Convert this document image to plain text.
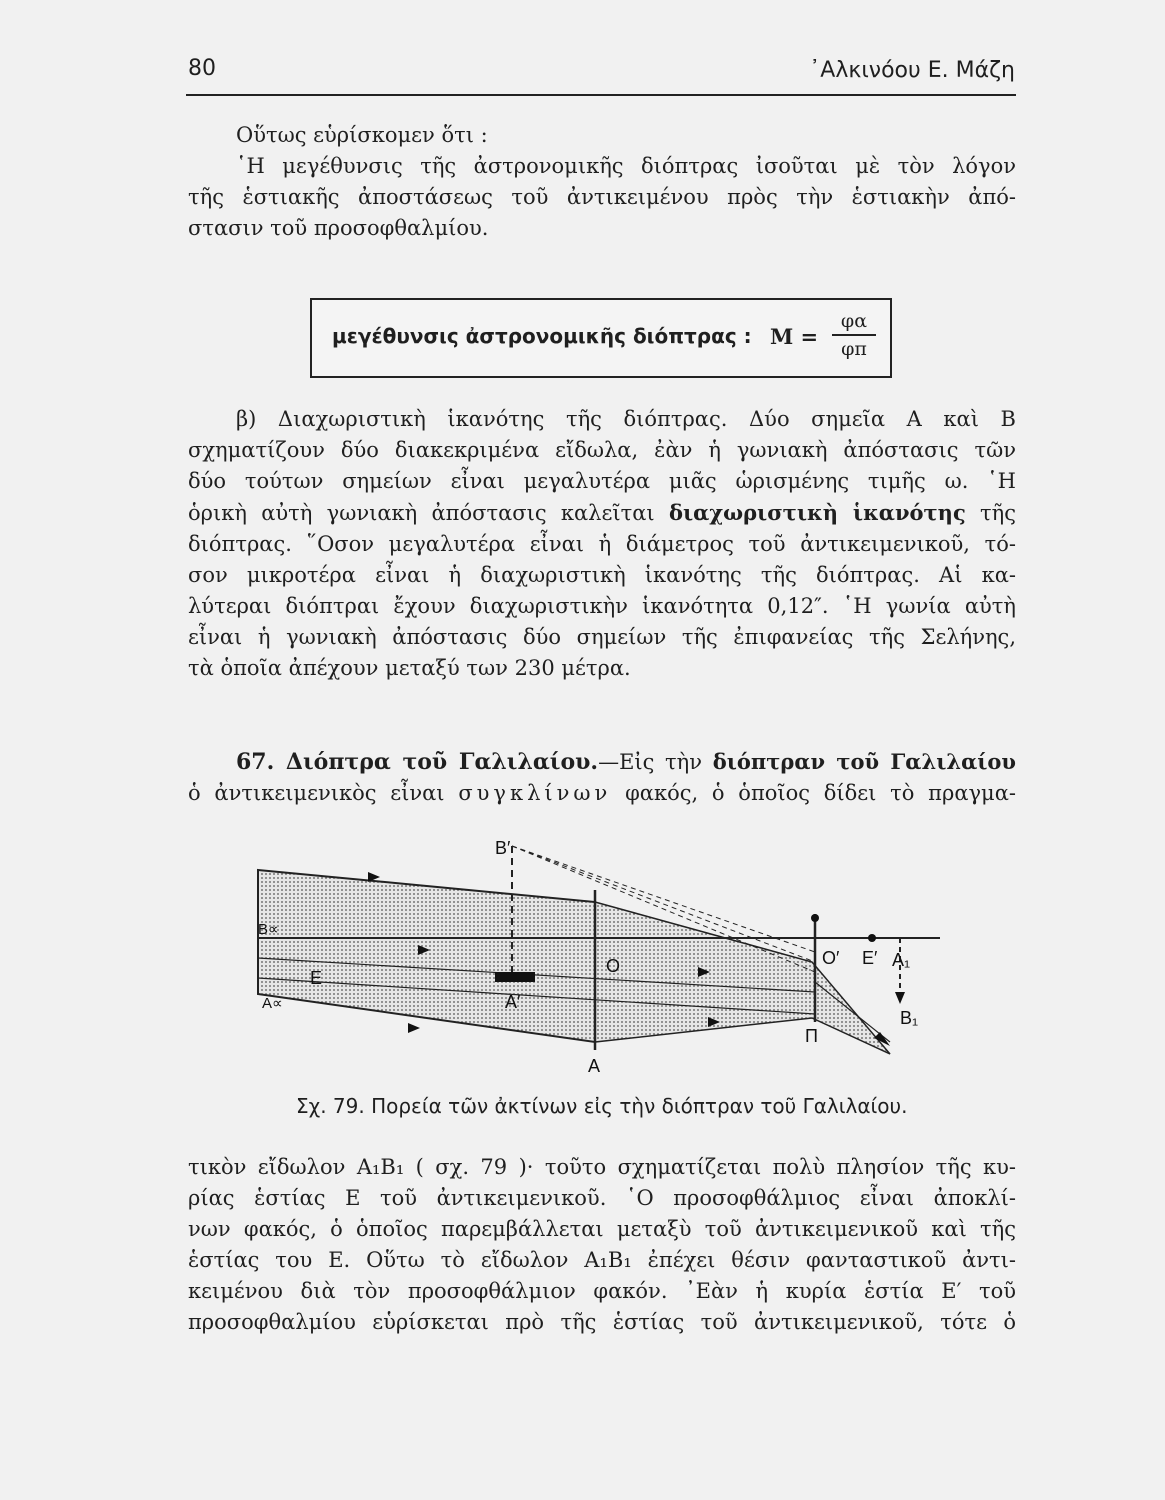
80	᾿Αλκινόου Ε. Μάζη
Οὕτως εὑρίσκομεν ὅτι :
῾Η μεγέθυνσις τῆς ἀστρονομικῆς διόπτρας ἰσοῦται μὲ τὸν λόγον
τῆς ἑστιακῆς ἀποστάσεως τοῦ ἀντικειμένου πρὸς τὴν ἑστιακὴν ἀπό-
στασιν τοῦ προσοφθαλμίου.
μεγέθυνσις ἀστρονομικῆς διόπτρας : $M = \frac{\varphi\alpha}{\varphi\pi}$
β) Διαχωριστικὴ ἱκανότης τῆς διόπτρας. Δύο σημεῖα Α καὶ Β
σχηματίζουν δύο διακεκριμένα εἴδωλα, ἐὰν ἡ γωνιακὴ ἀπόστασις τῶν
δύο τούτων σημείων εἶναι μεγαλυτέρα μιᾶς ὡρισμένης τιμῆς ω. ῾Η
ὁρικὴ αὐτὴ γωνιακὴ ἀπόστασις καλεῖται διαχωριστικὴ ἱκανότης τῆς
διόπτρας. ῞Οσον μεγαλυτέρα εἶναι ἡ διάμετρος τοῦ ἀντικειμενικοῦ, τό-
σον μικροτέρα εἶναι ἡ διαχωριστικὴ ἱκανότης τῆς διόπτρας. Αἱ κα-
λύτεραι διόπτραι ἔχουν διαχωριστικὴν ἱκανότητα 0,12″. ῾Η γωνία αὐτὴ
εἶναι ἡ γωνιακὴ ἀπόστασις δύο σημείων τῆς ἐπιφανείας τῆς Σελήνης,
τὰ ὁποῖα ἀπέχουν μεταξύ των 230 μέτρα.
67. Διόπτρα τοῦ Γαλιλαίου.—Εἰς τὴν διόπτραν τοῦ Γαλιλαίου
ὁ ἀντικειμενικὸς εἶναι συγκλίνων φακός, ὁ ὁποῖος δίδει τὸ πραγμα-
B′
O
A′
A
O′ E′ A₁
B₁
Π
E
B∝
A∝
Σχ. 79. Πορεία τῶν ἀκτίνων εἰς τὴν διόπτραν τοῦ Γαλιλαίου.
τικὸν εἴδωλον A₁B₁ ( σχ. 79 )· τοῦτο σχηματίζεται πολὺ πλησίον τῆς κυ-
ρίας ἑστίας Ε τοῦ ἀντικειμενικοῦ. ῾Ο προσοφθάλμιος εἶναι ἀποκλί-
νων φακός, ὁ ὁποῖος παρεμβάλλεται μεταξὺ τοῦ ἀντικειμενικοῦ καὶ τῆς
ἑστίας του Ε. Οὕτω τὸ εἴδωλον A₁B₁ ἐπέχει θέσιν φανταστικοῦ ἀντι-
κειμένου διὰ τὸν προσοφθάλμιον φακόν. ᾿Εὰν ἡ κυρία ἑστία Ε′ τοῦ
προσοφθαλμίου εὑρίσκεται πρὸ τῆς ἑστίας τοῦ ἀντικειμενικοῦ, τότε ὁ
